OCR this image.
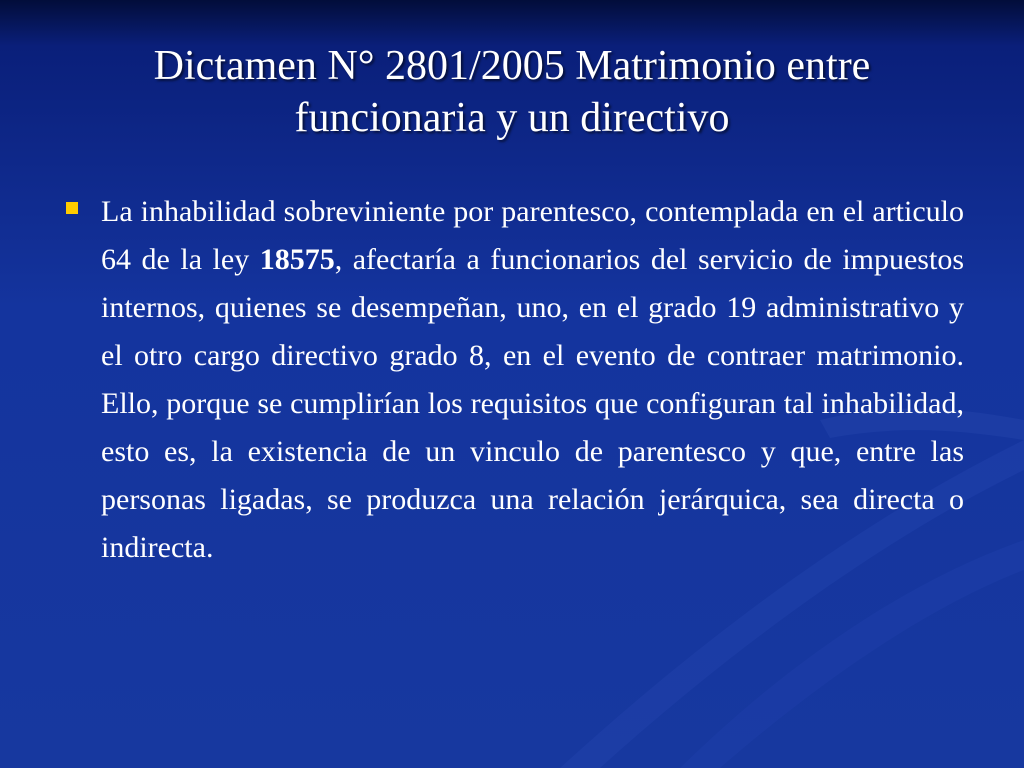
Dictamen N° 2801/2005 Matrimonio entre
funcionaria y un directivo

La inhabilidad sobreviniente por parentesco, contemplada en el articulo 64 de la ley 18575, afectaría a funcionarios del servicio de impuestos internos, quienes se desempeñan, uno, en el grado 19 administrativo y el otro cargo directivo grado 8, en el evento de contraer matrimonio. Ello, porque se cumplirían los requisitos que configuran tal inhabilidad, esto es, la existencia de un vinculo de parentesco y que, entre las personas ligadas, se produzca una relación jerárquica, sea directa o indirecta.
